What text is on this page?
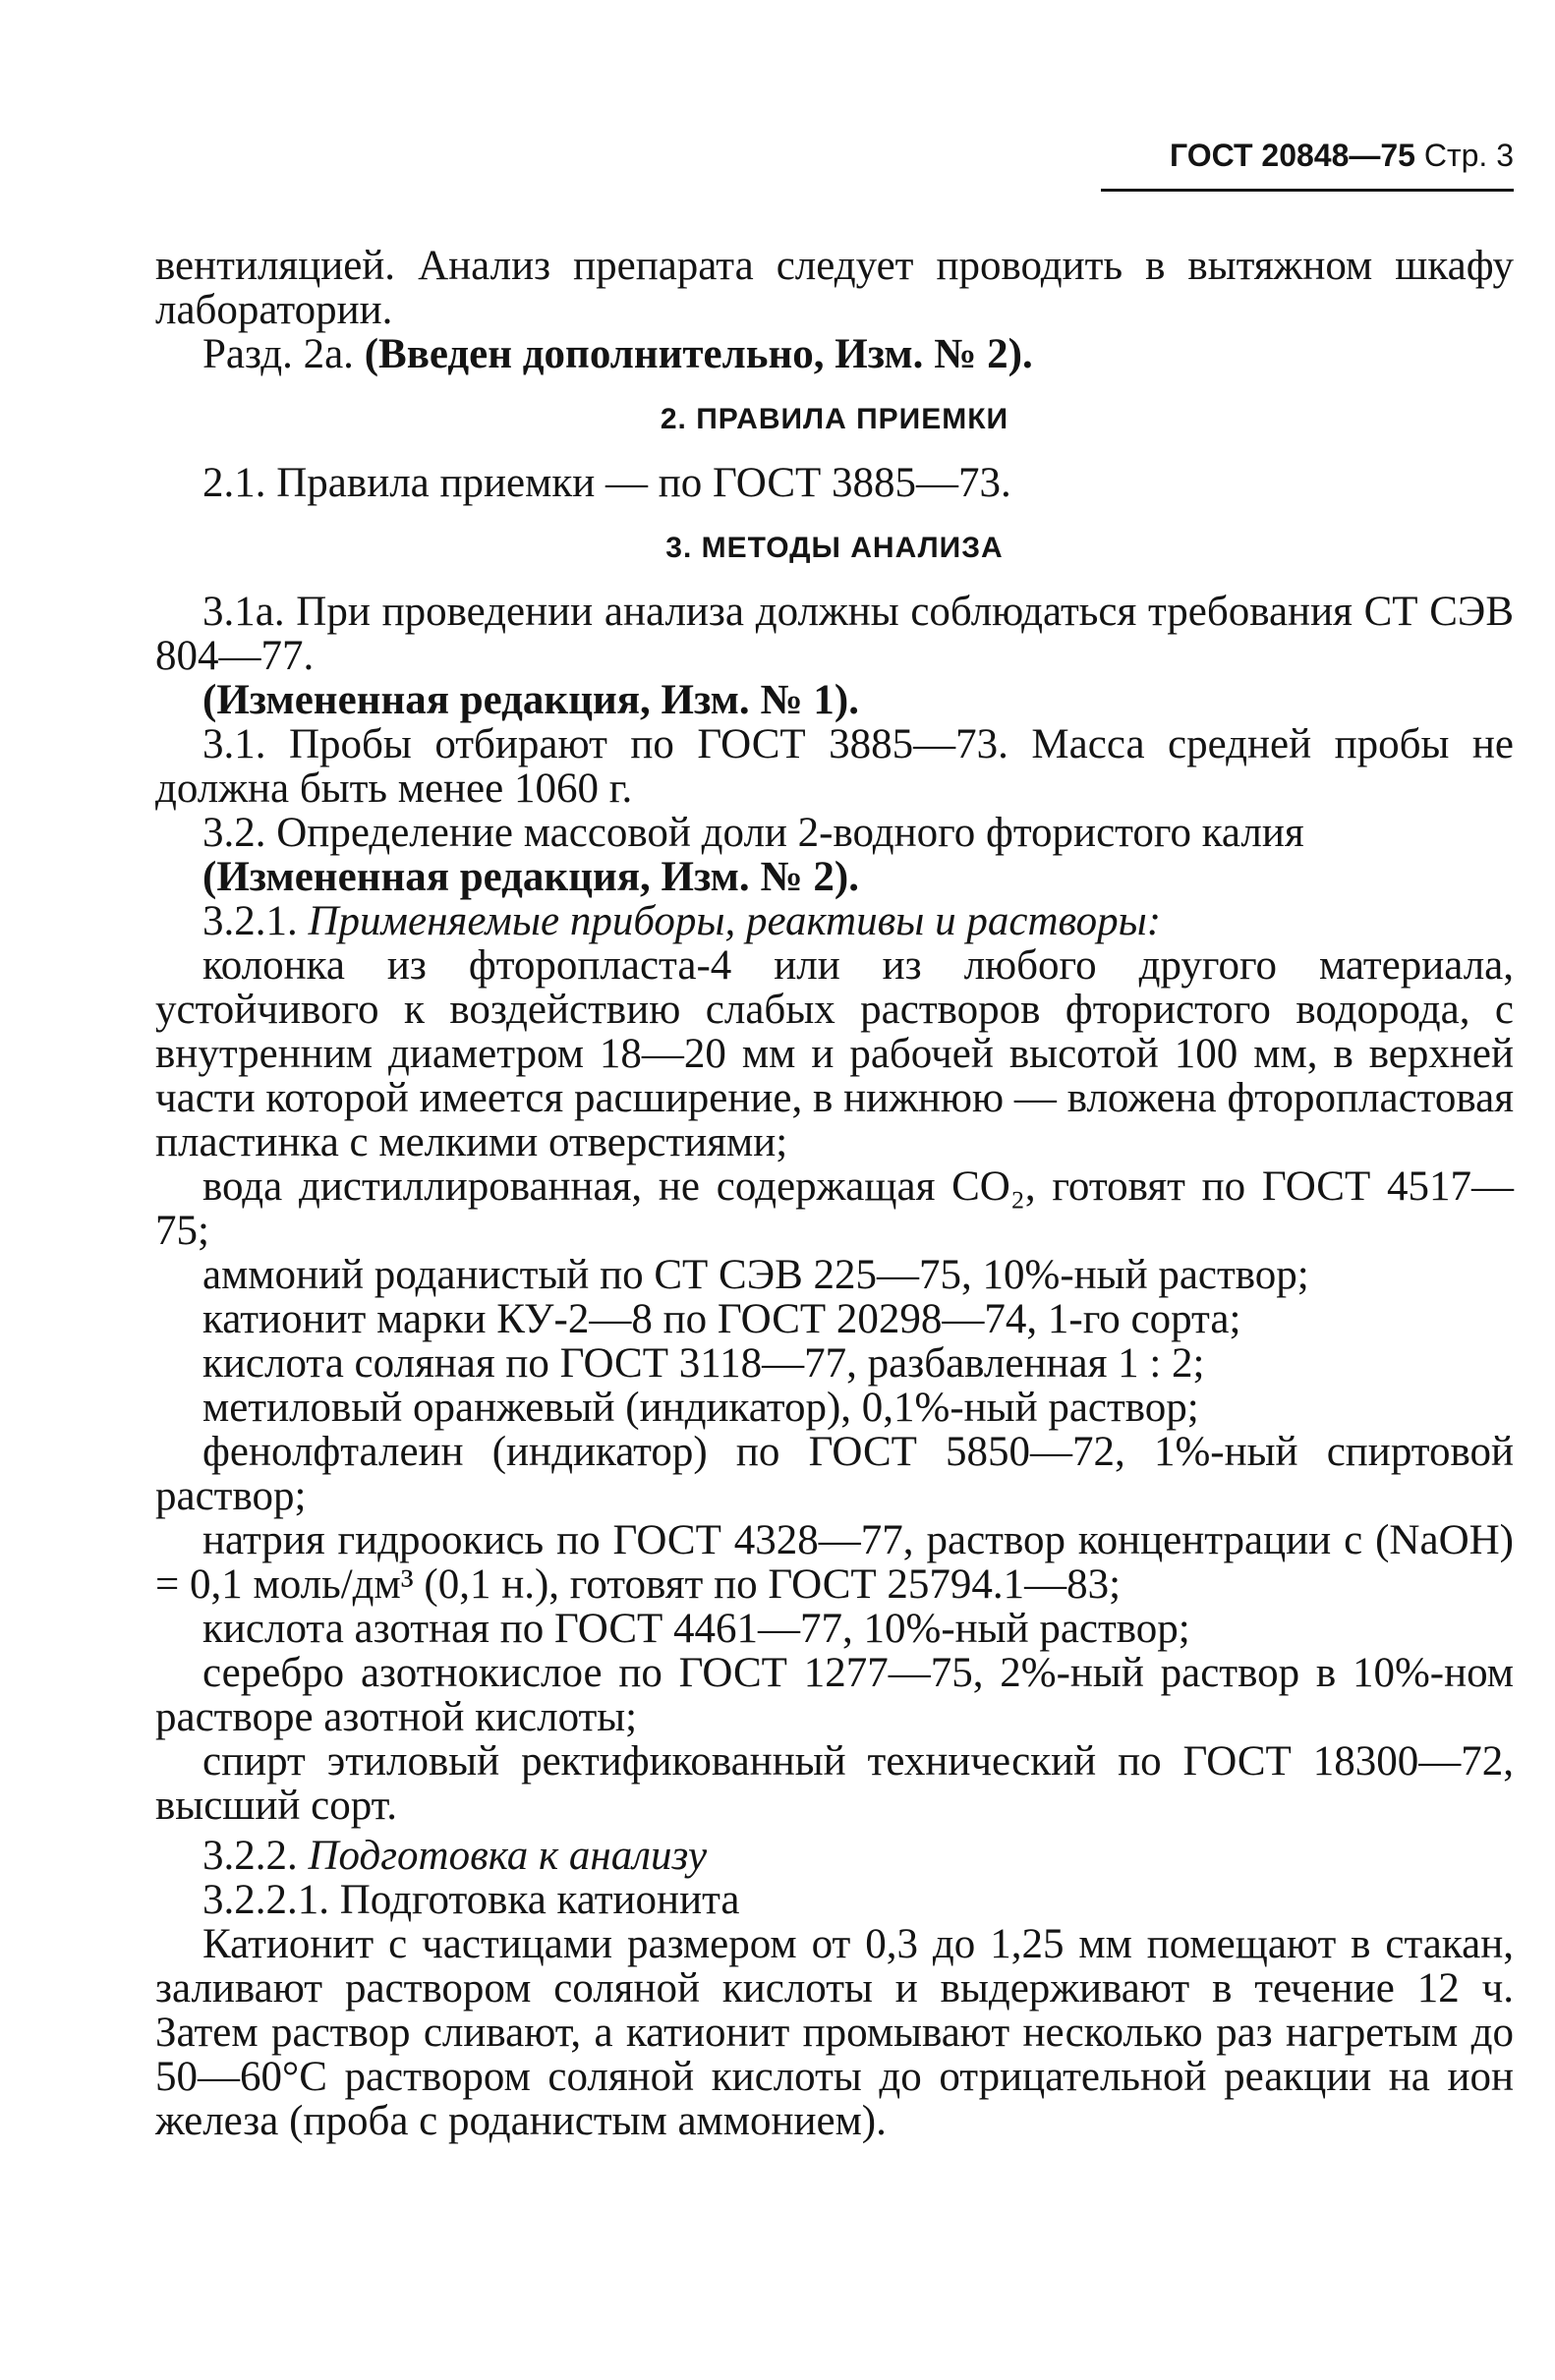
ГОСТ 20848—75 Стр. 3

вентиляцией. Анализ препарата следует проводить в вытяжном шкафу лаборатории.

Разд. 2а. (Введен дополнительно, Изм. № 2).

2. ПРАВИЛА ПРИЕМКИ

2.1. Правила приемки — по ГОСТ 3885—73.

3. МЕТОДЫ АНАЛИЗА

3.1а. При проведении анализа должны соблюдаться требования СТ СЭВ 804—77.

(Измененная редакция, Изм. № 1).

3.1. Пробы отбирают по ГОСТ 3885—73. Масса средней пробы не должна быть менее 1060 г.

3.2. Определение массовой доли 2-водного фтористого калия

(Измененная редакция, Изм. № 2).

3.2.1. Применяемые приборы, реактивы и растворы:

колонка из фторопласта-4 или из любого другого материала, устойчивого к воздействию слабых растворов фтористого водорода, с внутренним диаметром 18—20 мм и рабочей высотой 100 мм, в верхней части которой имеется расширение, в нижнюю — вложена фторопластовая пластинка с мелкими отверстиями;

вода дистиллированная, не содержащая CO₂, готовят по ГОСТ 4517—75;

аммоний роданистый по СТ СЭВ 225—75, 10%-ный раствор;

катионит марки КУ-2—8 по ГОСТ 20298—74, 1-го сорта;

кислота соляная по ГОСТ 3118—77, разбавленная 1 : 2;

метиловый оранжевый (индикатор), 0,1%-ный раствор;

фенолфталеин (индикатор) по ГОСТ 5850—72, 1%-ный спиртовой раствор;

натрия гидроокись по ГОСТ 4328—77, раствор концентрации с (NaOH) = 0,1 моль/дм³ (0,1 н.), готовят по ГОСТ 25794.1—83;

кислота азотная по ГОСТ 4461—77, 10%-ный раствор;

серебро азотнокислое по ГОСТ 1277—75, 2%-ный раствор в 10%-ном растворе азотной кислоты;

спирт этиловый ректификованный технический по ГОСТ 18300—72, высший сорт.

3.2.2. Подготовка к анализу

3.2.2.1. Подготовка катионита

Катионит с частицами размером от 0,3 до 1,25 мм помещают в стакан, заливают раствором соляной кислоты и выдерживают в течение 12 ч. Затем раствор сливают, а катионит промывают несколько раз нагретым до 50—60°С раствором соляной кислоты до отрицательной реакции на ион железа (проба с роданистым аммонием).
